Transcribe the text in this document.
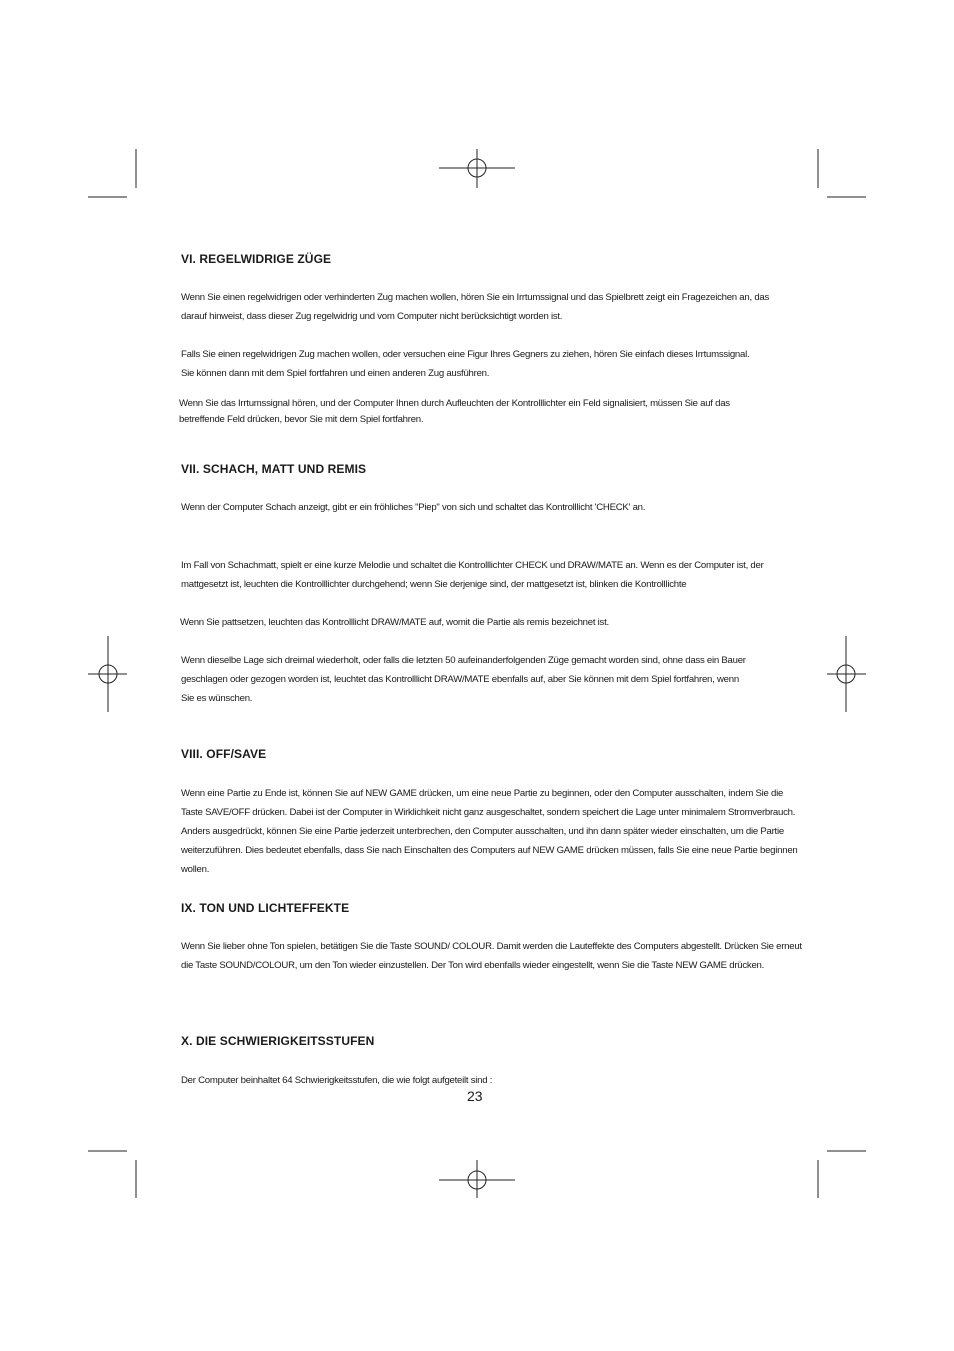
VI. REGELWIDRIGE ZÜGE

Wenn Sie einen regelwidrigen oder verhinderten Zug machen wollen, hören Sie ein Irrtumssignal und das Spielbrett zeigt ein Fragezeichen an, das
darauf hinweist, dass dieser Zug regelwidrig und vom Computer nicht berücksichtigt worden ist.

Falls Sie einen regelwidrigen Zug machen wollen, oder versuchen eine Figur Ihres Gegners zu ziehen, hören Sie einfach dieses Irrtumssignal.
Sie können dann mit dem Spiel fortfahren und einen anderen Zug ausführen.

Wenn Sie das Irrtumssignal hören, und der Computer Ihnen durch Aufleuchten der Kontrolllichter ein Feld signalisiert, müssen Sie auf das
betreffende Feld drücken, bevor Sie mit dem Spiel fortfahren.

VII. SCHACH, MATT UND REMIS

Wenn der Computer Schach anzeigt, gibt er ein fröhliches "Piep" von sich und schaltet das Kontrolllicht 'CHECK' an.

Im Fall von Schachmatt, spielt er eine kurze Melodie und schaltet die Kontrolllichter CHECK und DRAW/MATE an. Wenn es der Computer ist, der
mattgesetzt ist, leuchten die Kontrolllichter durchgehend; wenn Sie derjenige sind, der mattgesetzt ist, blinken die Kontrolllichte

Wenn Sie pattsetzen, leuchten das Kontrolllicht DRAW/MATE auf, womit die Partie als remis bezeichnet ist.

Wenn dieselbe Lage sich dreimal wiederholt, oder falls die letzten 50 aufeinanderfolgenden Züge gemacht worden sind, ohne dass ein Bauer
geschlagen oder gezogen worden ist, leuchtet das Kontrolllicht DRAW/MATE ebenfalls auf, aber Sie können mit dem Spiel fortfahren, wenn
Sie es wünschen.

VIII. OFF/SAVE

Wenn eine Partie zu Ende ist, können Sie auf NEW GAME drücken, um eine neue Partie zu beginnen, oder den Computer ausschalten, indem Sie die
Taste SAVE/OFF drücken. Dabei ist der Computer in Wirklichkeit nicht ganz ausgeschaltet, sondern speichert die Lage unter minimalem Stromverbrauch.
Anders ausgedrückt, können Sie eine Partie jederzeit unterbrechen, den Computer ausschalten, und ihn dann später wieder einschalten, um die Partie
weiterzuführen. Dies bedeutet ebenfalls, dass Sie nach Einschalten des Computers auf NEW GAME drücken müssen, falls Sie eine neue Partie beginnen
wollen.

IX. TON UND LICHTEFFEKTE

Wenn Sie lieber ohne Ton spielen, betätigen Sie die Taste SOUND/ COLOUR. Damit werden die Lauteffekte des Computers abgestellt. Drücken Sie erneut
die Taste SOUND/COLOUR, um den Ton wieder einzustellen. Der Ton wird ebenfalls wieder eingestellt, wenn Sie die Taste NEW GAME drücken.

X. DIE SCHWIERIGKEITSSTUFEN

Der Computer beinhaltet 64 Schwierigkeitsstufen, die wie folgt aufgeteilt sind :

23
